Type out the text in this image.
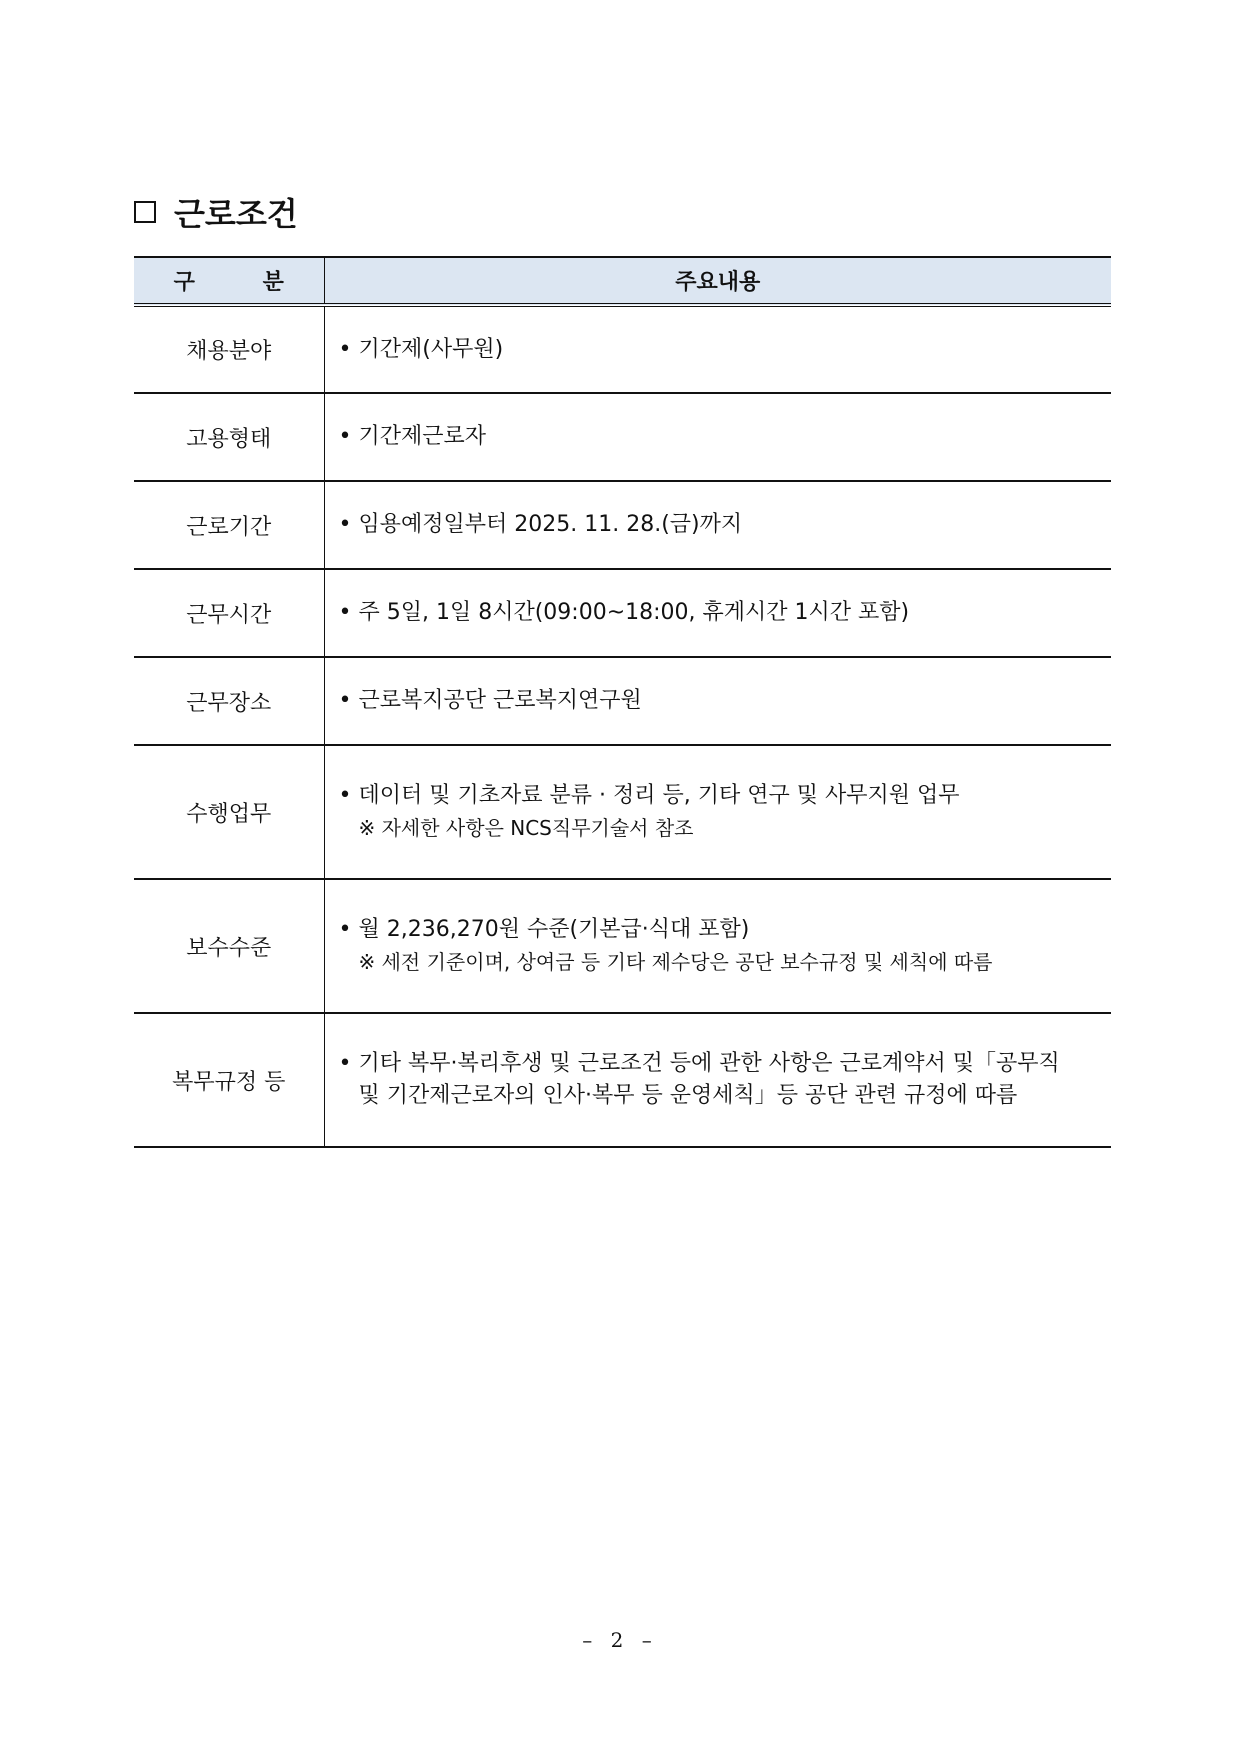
근로조건
구 분	주요내용
채용분야	• 기간제(사무원)

고용형태	• 기간제근로자

근로기간	• 임용예정일부터 2025. 11. 28.(금)까지

근무시간	• 주 5일, 1일 8시간(09:00~18:00, 휴게시간 1시간 포함)

근무장소	• 근로복지공단 근로복지연구원

수행업무	• 데이터 및 기초자료 분류 · 정리 등, 기타 연구 및 사무지원 업무
※ 자세한 사항은 NCS직무기술서 참조

보수수준	• 월 2,236,270원 수준(기본급·식대 포함)
※ 세전 기준이며, 상여금 등 기타 제수당은 공단 보수규정 및 세칙에 따름

복무규정 등	• 기타 복무·복리후생 및 근로조건 등에 관한 사항은 근로계약서 및「공무직
및 기간제근로자의 인사·복무 등 운영세칙」등 공단 관련 규정에 따름
– 2 –
